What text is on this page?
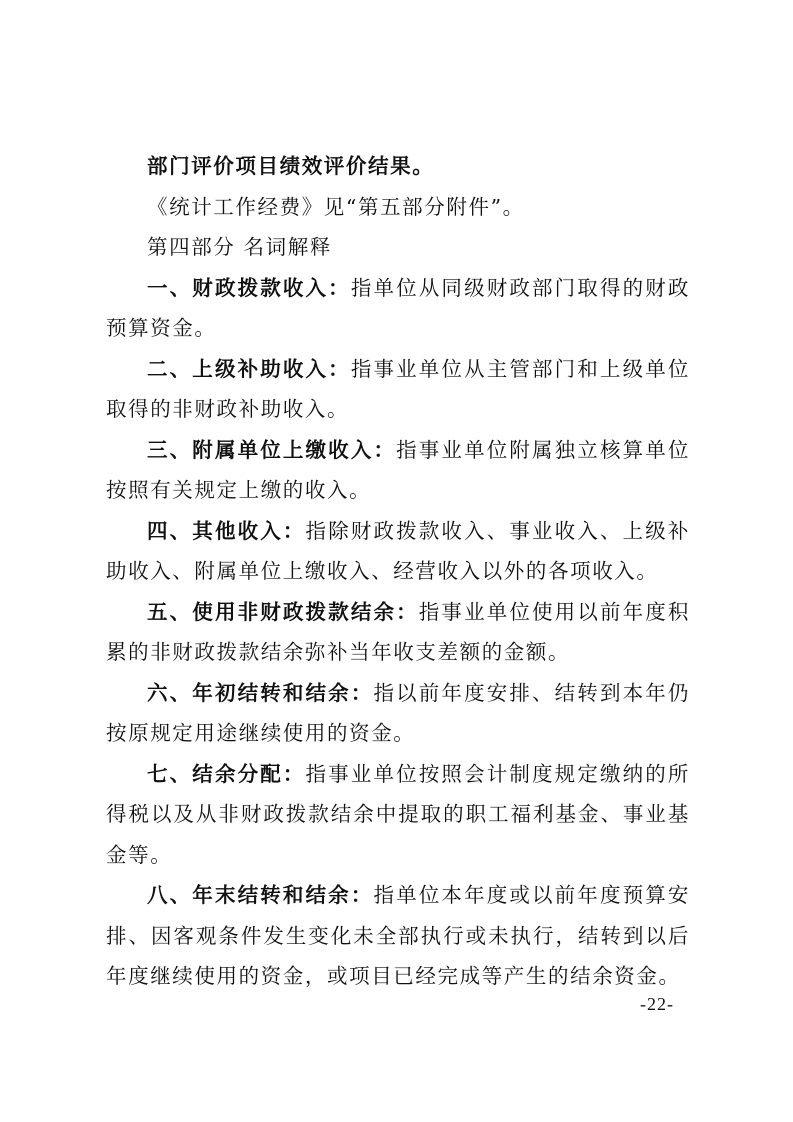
部门评价项目绩效评价结果。

《统计工作经费》见“第五部分附件”。

第四部分 名词解释

一、财政拨款收入：指单位从同级财政部门取得的财政预算资金。

二、上级补助收入：指事业单位从主管部门和上级单位取得的非财政补助收入。

三、附属单位上缴收入：指事业单位附属独立核算单位按照有关规定上缴的收入。

四、其他收入：指除财政拨款收入、事业收入、上级补助收入、附属单位上缴收入、经营收入以外的各项收入。

五、使用非财政拨款结余：指事业单位使用以前年度积累的非财政拨款结余弥补当年收支差额的金额。

六、年初结转和结余：指以前年度安排、结转到本年仍按原规定用途继续使用的资金。

七、结余分配：指事业单位按照会计制度规定缴纳的所得税以及从非财政拨款结余中提取的职工福利基金、事业基金等。

八、年末结转和结余：指单位本年度或以前年度预算安排、因客观条件发生变化未全部执行或未执行，结转到以后年度继续使用的资金，或项目已经完成等产生的结余资金。

-22-
